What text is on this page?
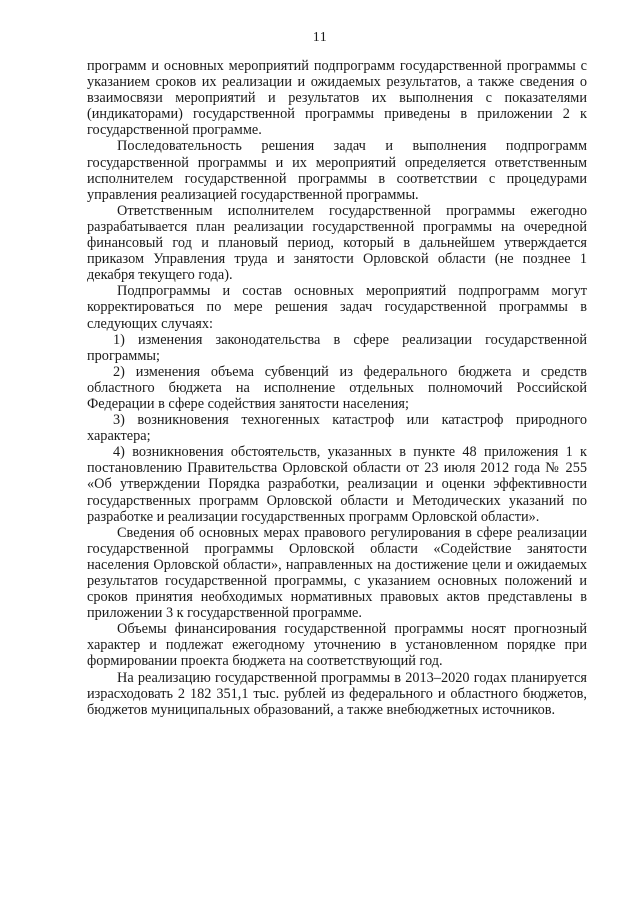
11

программ и основных мероприятий подпрограмм государственной программы с указанием сроков их реализации и ожидаемых результатов, а также сведения о взаимосвязи мероприятий и результатов их выполнения с показателями (индикаторами) государственной программы приведены в приложении 2 к государственной программе.

Последовательность решения задач и выполнения подпрограмм государственной программы и их мероприятий определяется ответственным исполнителем государственной программы в соответствии с процедурами управления реализацией государственной программы.

Ответственным исполнителем государственной программы ежегодно разрабатывается план реализации государственной программы на очередной финансовый год и плановый период, который в дальнейшем утверждается приказом Управления труда и занятости Орловской области (не позднее 1 декабря текущего года).

Подпрограммы и состав основных мероприятий подпрограмм могут корректироваться по мере решения задач государственной программы в следующих случаях:

1) изменения законодательства в сфере реализации государственной программы;

2) изменения объема субвенций из федерального бюджета и средств областного бюджета на исполнение отдельных полномочий Российской Федерации в сфере содействия занятости населения;

3) возникновения техногенных катастроф или катастроф природного характера;

4) возникновения обстоятельств, указанных в пункте 48 приложения 1 к постановлению Правительства Орловской области от 23 июля 2012 года № 255 «Об утверждении Порядка разработки, реализации и оценки эффективности государственных программ Орловской области и Методических указаний по разработке и реализации государственных программ Орловской области».

Сведения об основных мерах правового регулирования в сфере реализации государственной программы Орловской области «Содействие занятости населения Орловской области», направленных на достижение цели и ожидаемых результатов государственной программы, с указанием основных положений и сроков принятия необходимых нормативных правовых актов представлены в приложении 3 к государственной программе.

Объемы финансирования государственной программы носят прогнозный характер и подлежат ежегодному уточнению в установленном порядке при формировании проекта бюджета на соответствующий год.

На реализацию государственной программы в 2013–2020 годах планируется израсходовать 2 182 351,1 тыс. рублей из федерального и областного бюджетов, бюджетов муниципальных образований, а также внебюджетных источников.
